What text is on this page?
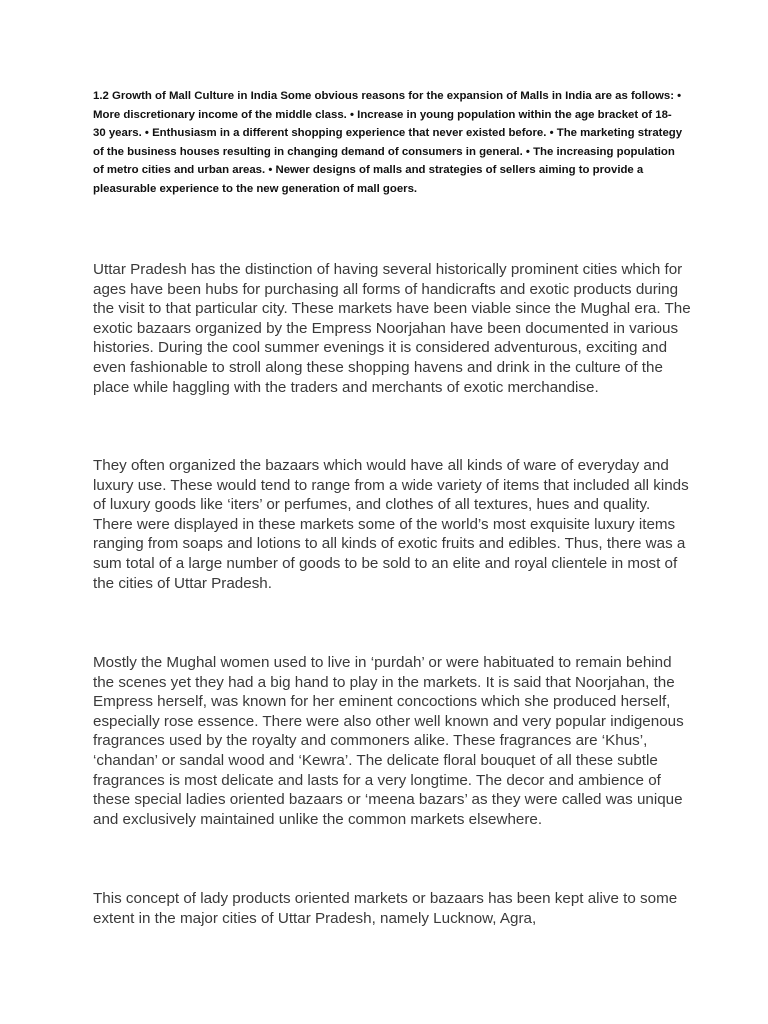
1.2 Growth of Mall Culture in India Some obvious reasons for the expansion of Malls in India are as follows: • More discretionary income of the middle class. • Increase in young population within the age bracket of 18-30 years. • Enthusiasm in a different shopping experience that never existed before. • The marketing strategy of the business houses resulting in changing demand of consumers in general. • The increasing population of metro cities and urban areas. • Newer designs of malls and strategies of sellers aiming to provide a pleasurable experience to the new generation of mall goers.

Uttar Pradesh has the distinction of having several historically prominent cities which for ages have been hubs for purchasing all forms of handicrafts and exotic products during the visit to that particular city. These markets have been viable since the Mughal era. The exotic bazaars organized by the Empress Noorjahan have been documented in various histories. During the cool summer evenings it is considered adventurous, exciting and even fashionable to stroll along these shopping havens and drink in the culture of the place while haggling with the traders and merchants of exotic merchandise.

They often organized the bazaars which would have all kinds of ware of everyday and luxury use. These would tend to range from a wide variety of items that included all kinds of luxury goods like ‘iters’ or perfumes, and clothes of all textures, hues and quality. There were displayed in these markets some of the world’s most exquisite luxury items ranging from soaps and lotions to all kinds of exotic fruits and edibles. Thus, there was a sum total of a large number of goods to be sold to an elite and royal clientele in most of the cities of Uttar Pradesh.

Mostly the Mughal women used to live in ‘purdah’ or were habituated to remain behind the scenes yet they had a big hand to play in the markets. It is said that Noorjahan, the Empress herself, was known for her eminent concoctions which she produced herself, especially rose essence. There were also other well known and very popular indigenous fragrances used by the royalty and commoners alike. These fragrances are ‘Khus’, ‘chandan’ or sandal wood and ‘Kewra’. The delicate floral bouquet of all these subtle fragrances is most delicate and lasts for a very longtime. The decor and ambience of these special ladies oriented bazaars or ‘meena bazars’ as they were called was unique and exclusively maintained unlike the common markets elsewhere.

This concept of lady products oriented markets or bazaars has been kept alive to some extent in the major cities of Uttar Pradesh, namely Lucknow, Agra,
